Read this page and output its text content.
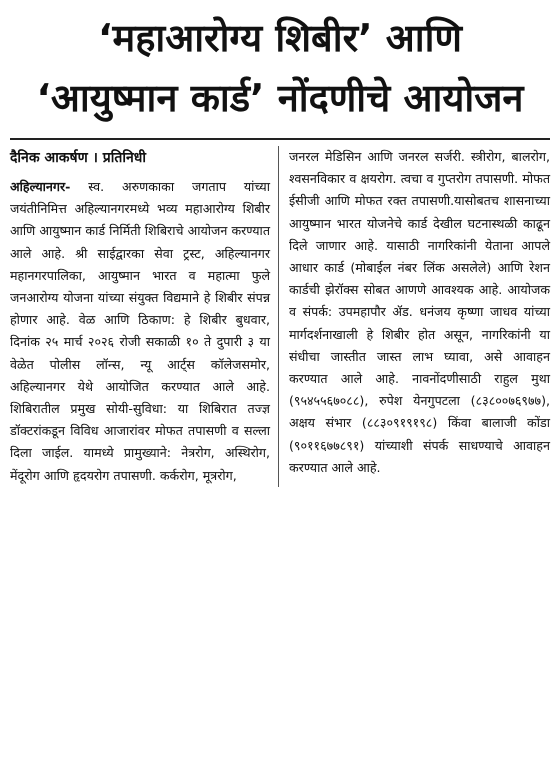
‘महाआरोग्य शिबीर’ आणि
‘आयुष्मान कार्ड’ नोंदणीचे आयोजन
दैनिक आकर्षण । प्रतिनिधी

अहिल्यानगर- स्व. अरुणकाका जगताप यांच्या जयंतीनिमित्त अहिल्यानगरमध्ये भव्य महाआरोग्य शिबीर आणि आयुष्मान कार्ड निर्मिती शिबिराचे आयोजन करण्यात आले आहे. श्री साईद्वारका सेवा ट्रस्ट, अहिल्यानगर महानगरपालिका, आयुष्मान भारत व महात्मा फुले जनआरोग्य योजना यांच्या संयुक्त विद्यमाने हे शिबीर संपन्न होणार आहे. वेळ आणि ठिकाण: हे शिबीर बुधवार, दिनांक २५ मार्च २०२६ रोजी सकाळी १० ते दुपारी ३ या वेळेत पोलीस लॉन्स, न्यू आर्ट्स कॉलेजसमोर, अहिल्यानगर येथे आयोजित करण्यात आले आहे. शिबिरातील प्रमुख सोयी-सुविधा: या शिबिरात तज्ज्ञ डॉक्टरांकडून विविध आजारांवर मोफत तपासणी व सल्ला दिला जाईल. यामध्ये प्रामुख्याने: नेत्ररोग, अस्थिरोग, मेंदूरोग आणि हृदयरोग तपासणी. कर्करोग, मूत्ररोग,

जनरल मेडिसिन आणि जनरल सर्जरी. स्त्रीरोग, बालरोग, श्वसनविकार व क्षयरोग. त्वचा व गुप्तरोग तपासणी. मोफत ईसीजी आणि मोफत रक्त तपासणी.यासोबतच शासनाच्या आयुष्मान भारत योजनेचे कार्ड देखील घटनास्थळी काढून दिले जाणार आहे. यासाठी नागरिकांनी येताना आपले आधार कार्ड (मोबाईल नंबर लिंक असलेले) आणि रेशन कार्डची झेरॉक्स सोबत आणणे आवश्यक आहे. आयोजक व संपर्क: उपमहापौर ॲड. धनंजय कृष्णा जाधव यांच्या मार्गदर्शनाखाली हे शिबीर होत असून, नागरिकांनी या संधीचा जास्तीत जास्त लाभ घ्यावा, असे आवाहन करण्यात आले आहे. नावनोंदणीसाठी राहुल मुथा (९५४५५६७०८८), रुपेश येनगुपटला (८३८००७६९७७), अक्षय संभार (८८३०९१९१९८) किंवा बालाजी कोंडा (९०११६७७८९१) यांच्याशी संपर्क साधण्याचे आवाहन करण्यात आले आहे.
